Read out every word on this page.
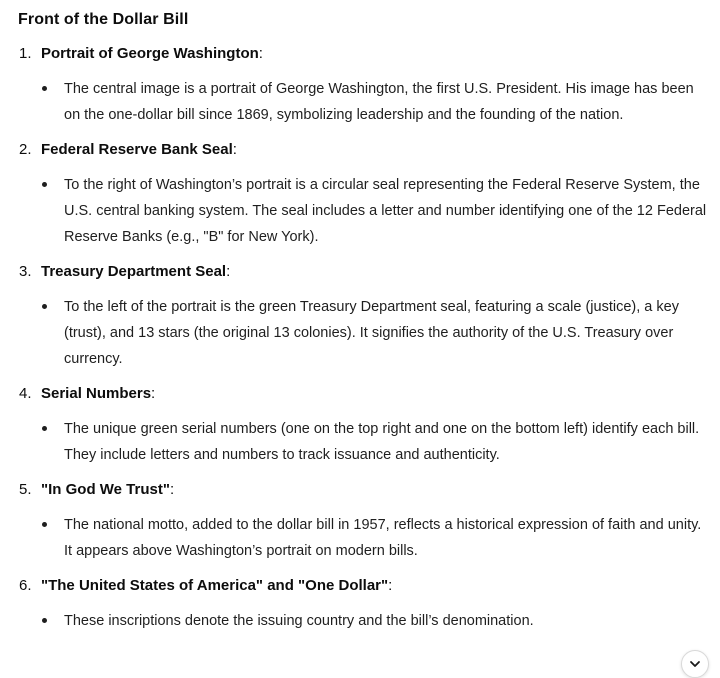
Front of the Dollar Bill
1. Portrait of George Washington:
The central image is a portrait of George Washington, the first U.S. President. His image has been on the one-dollar bill since 1869, symbolizing leadership and the founding of the nation.
2. Federal Reserve Bank Seal:
To the right of Washington’s portrait is a circular seal representing the Federal Reserve System, the U.S. central banking system. The seal includes a letter and number identifying one of the 12 Federal Reserve Banks (e.g., "B" for New York).
3. Treasury Department Seal:
To the left of the portrait is the green Treasury Department seal, featuring a scale (justice), a key (trust), and 13 stars (the original 13 colonies). It signifies the authority of the U.S. Treasury over currency.
4. Serial Numbers:
The unique green serial numbers (one on the top right and one on the bottom left) identify each bill. They include letters and numbers to track issuance and authenticity.
5. "In God We Trust":
The national motto, added to the dollar bill in 1957, reflects a historical expression of faith and unity. It appears above Washington’s portrait on modern bills.
6. "The United States of America" and "One Dollar":
These inscriptions denote the issuing country and the bill’s denomination.
